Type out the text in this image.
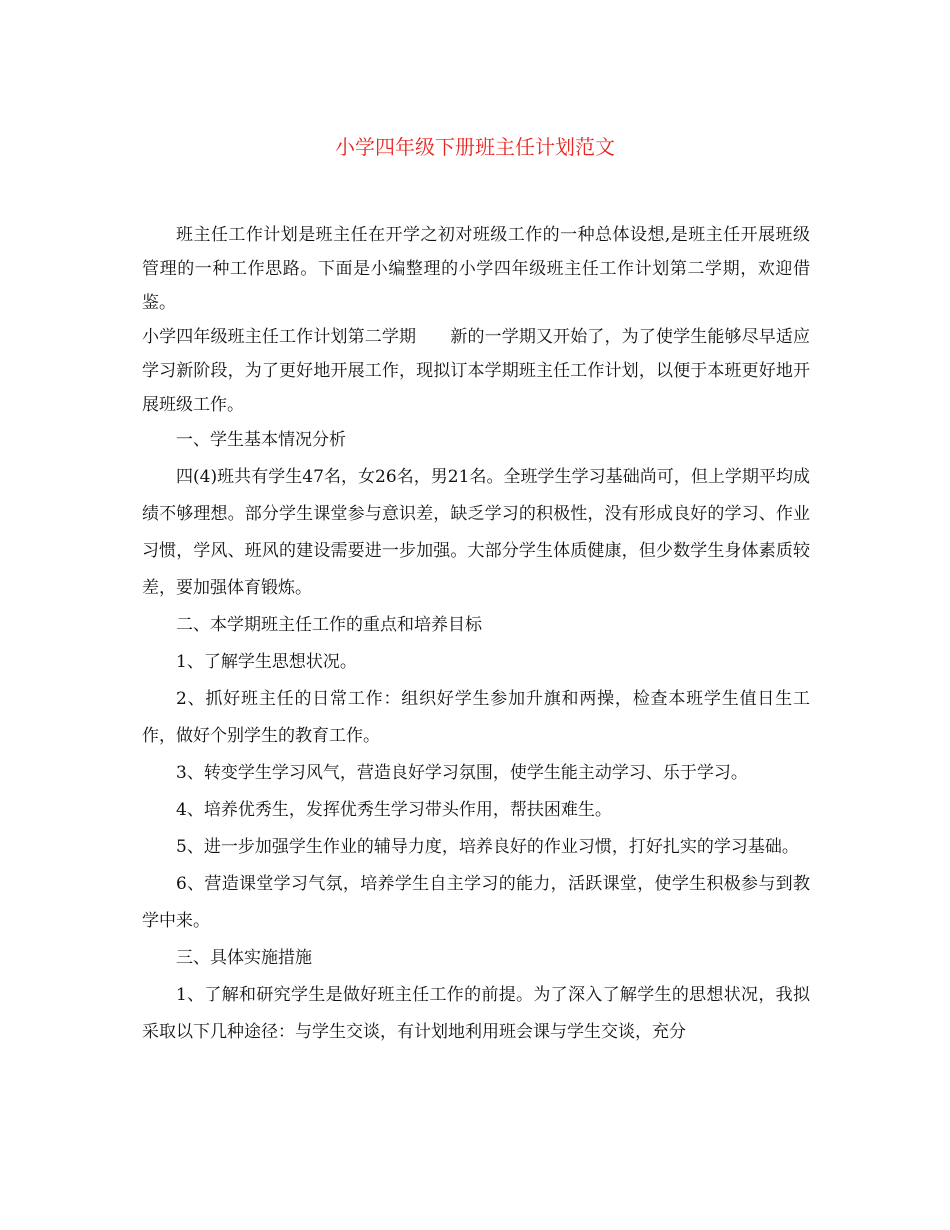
小学四年级下册班主任计划范文

班主任工作计划是班主任在开学之初对班级工作的一种总体设想,是班主任开展班级管理的一种工作思路。下面是小编整理的小学四年级班主任工作计划第二学期，欢迎借鉴。

小学四年级班主任工作计划第二学期　　新的一学期又开始了，为了使学生能够尽早适应学习新阶段，为了更好地开展工作，现拟订本学期班主任工作计划，以便于本班更好地开展班级工作。

一、学生基本情况分析

四(4)班共有学生47名，女26名，男21名。全班学生学习基础尚可，但上学期平均成绩不够理想。部分学生课堂参与意识差，缺乏学习的积极性，没有形成良好的学习、作业习惯，学风、班风的建设需要进一步加强。大部分学生体质健康，但少数学生身体素质较差，要加强体育锻炼。

二、本学期班主任工作的重点和培养目标

1、了解学生思想状况。

2、抓好班主任的日常工作：组织好学生参加升旗和两操，检查本班学生值日生工作，做好个别学生的教育工作。

3、转变学生学习风气，营造良好学习氛围，使学生能主动学习、乐于学习。

4、培养优秀生，发挥优秀生学习带头作用，帮扶困难生。

5、进一步加强学生作业的辅导力度，培养良好的作业习惯，打好扎实的学习基础。

6、营造课堂学习气氛，培养学生自主学习的能力，活跃课堂，使学生积极参与到教学中来。

三、具体实施措施

1、了解和研究学生是做好班主任工作的前提。为了深入了解学生的思想状况，我拟采取以下几种途径：与学生交谈，有计划地利用班会课与学生交谈，充分
